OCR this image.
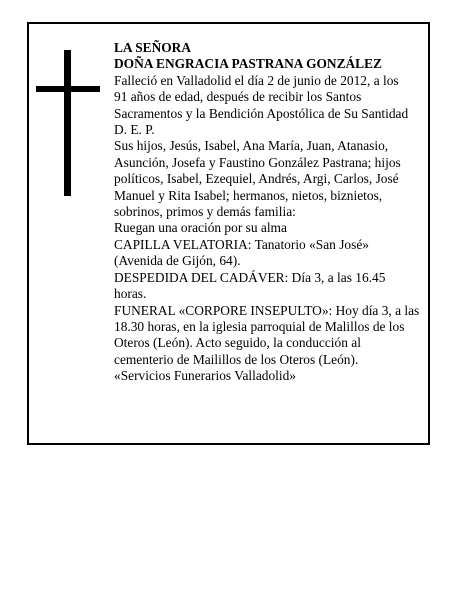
LA SEÑORA

DOÑA ENGRACIA PASTRANA GONZÁLEZ

Falleció en Valladolid el día 2 de junio de 2012, a los

91 años de edad, después de recibir los Santos

Sacramentos y la Bendición Apostólica de Su Santidad

D. E. P.

Sus hijos, Jesús, Isabel, Ana María, Juan, Atanasio,

Asunción, Josefa y Faustino González Pastrana; hijos

políticos, Isabel, Ezequiel, Andrés, Argi, Carlos, José

Manuel y Rita Isabel; hermanos, nietos, biznietos,

sobrinos, primos y demás familia:

Ruegan una oración por su alma

CAPILLA VELATORIA: Tanatorio «San José»

(Avenida de Gijón, 64).

DESPEDIDA DEL CADÁVER: Día 3, a las 16.45

horas.

FUNERAL «CORPORE INSEPULTO»: Hoy día 3, a las

18.30 horas, en la iglesia parroquial de Malillos de los

Oteros (León). Acto seguido, la conducción al

cementerio de Mailillos de los Oteros (León).

«Servicios Funerarios Valladolid»
